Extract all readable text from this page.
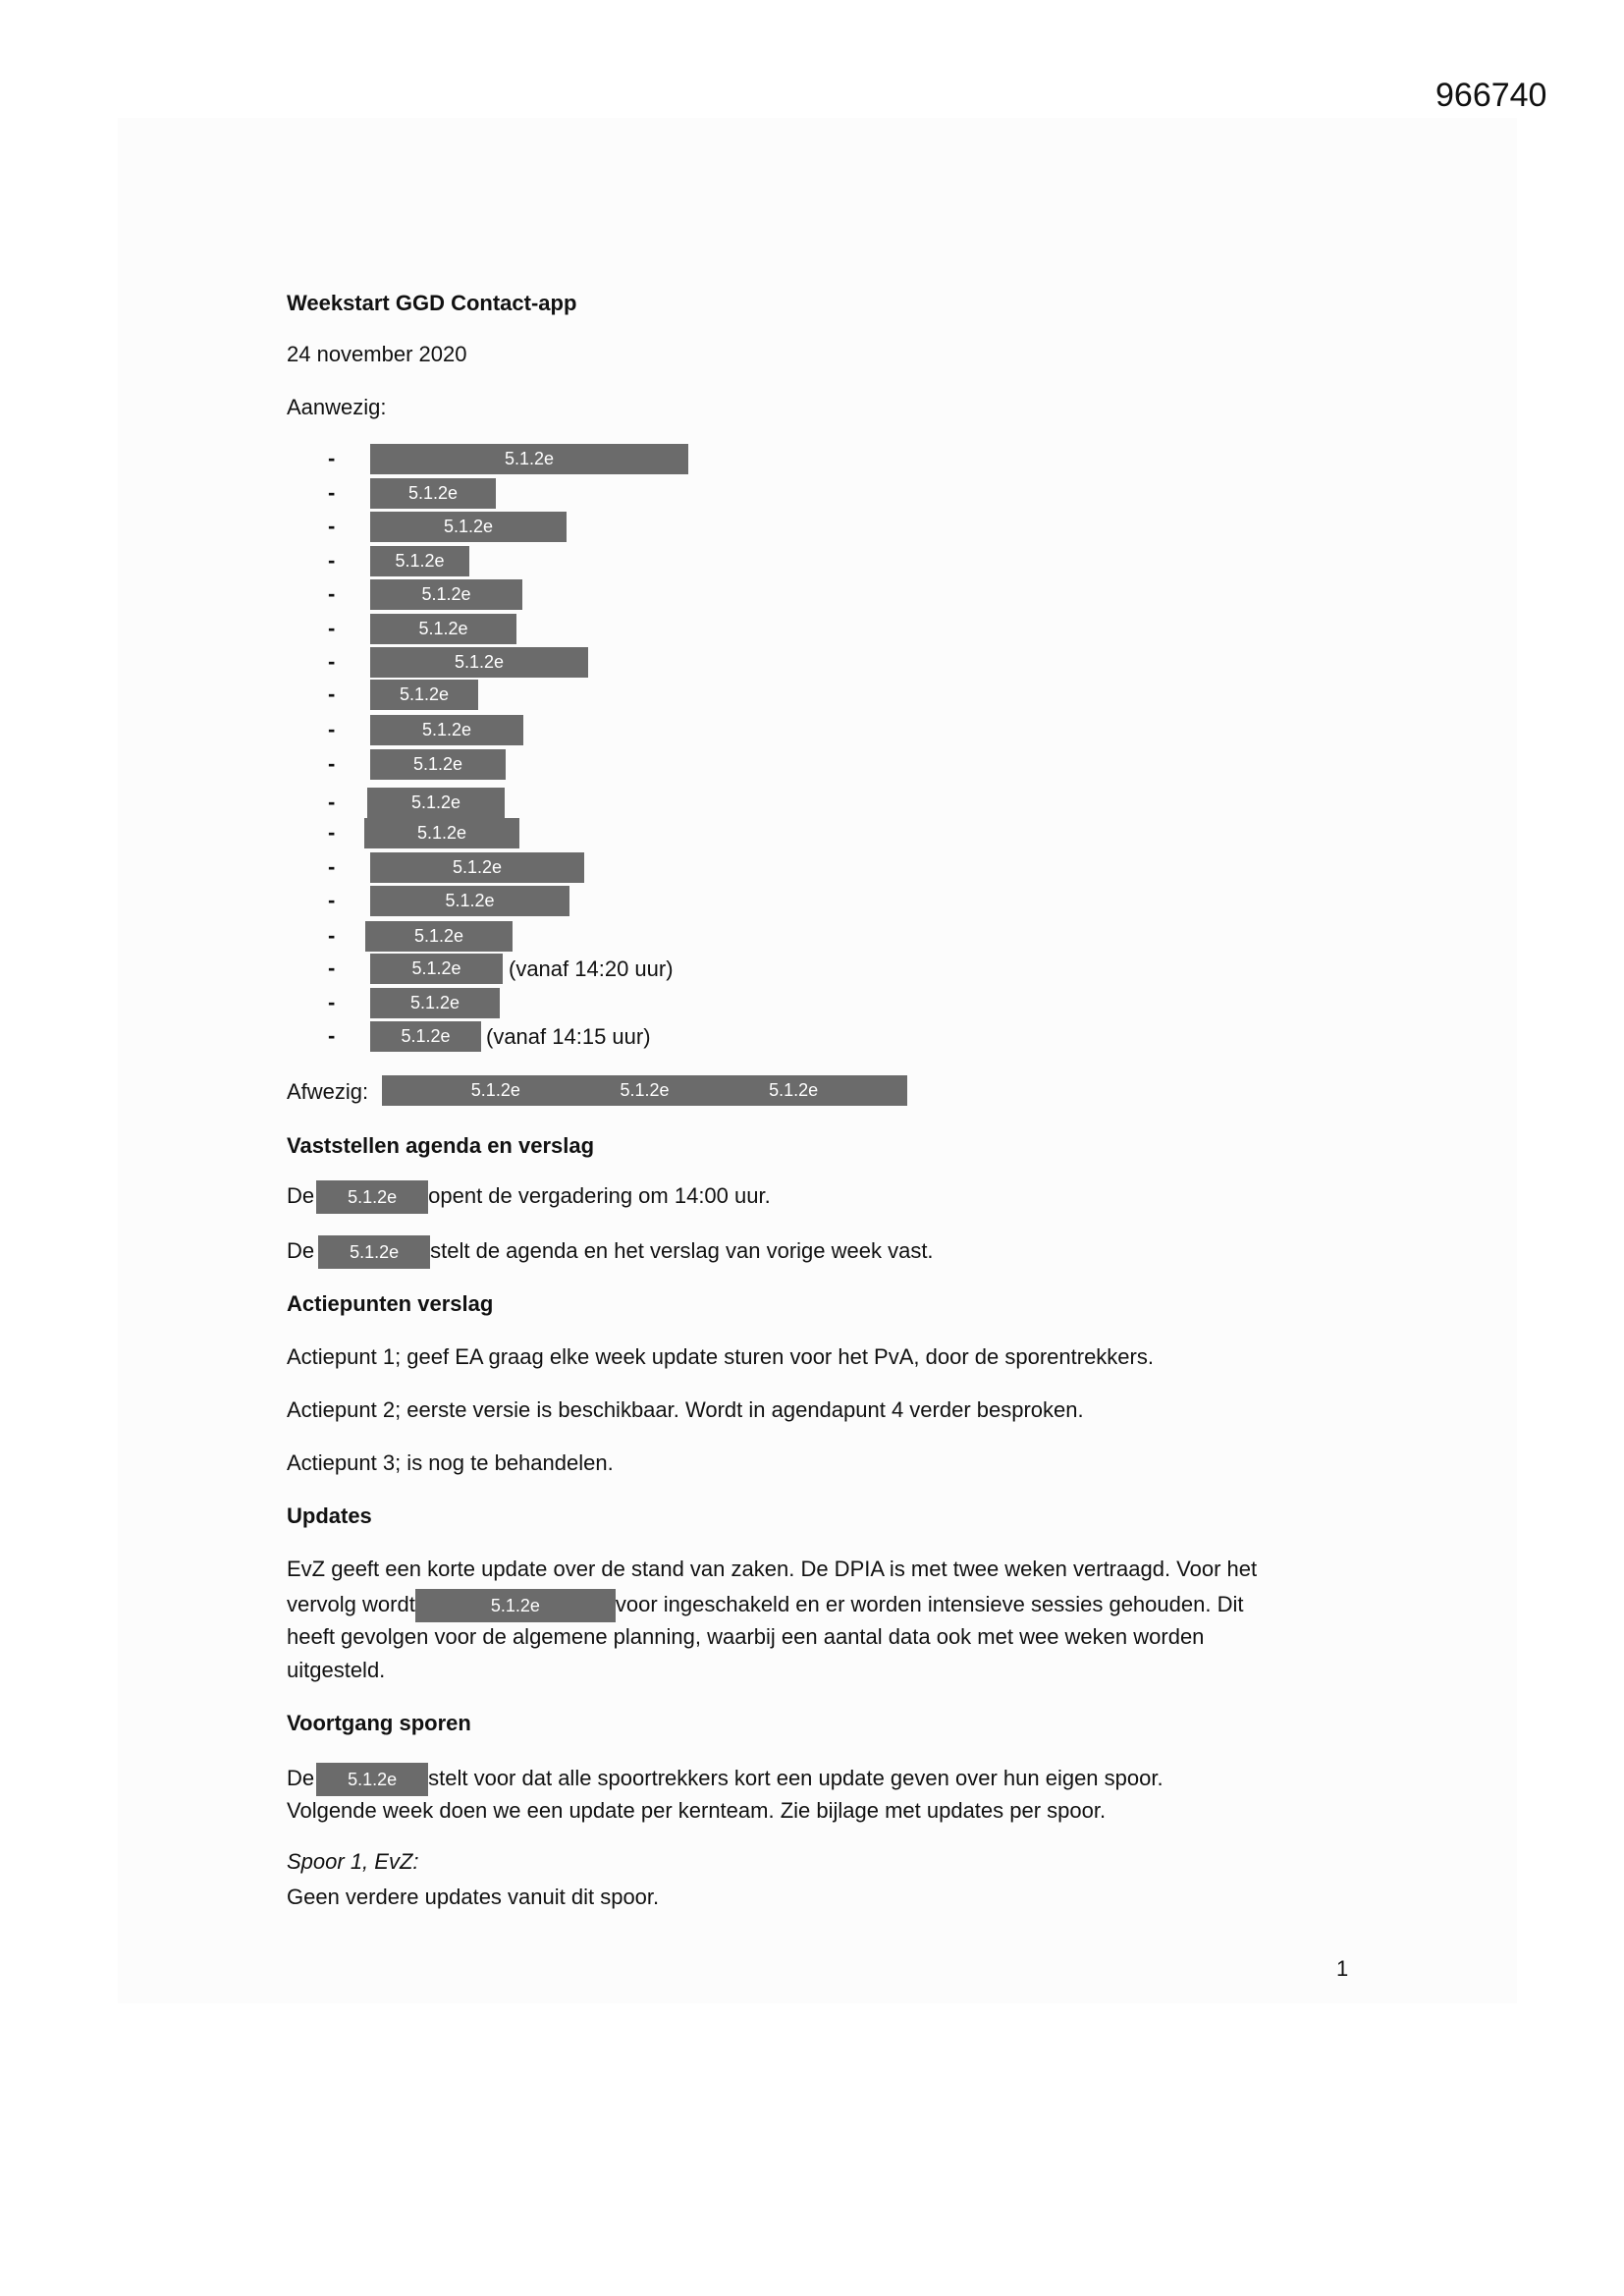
966740
Weekstart GGD Contact-app
24 november 2020
Aanwezig:
-	5.1.2e
-	5.1.2e
-	5.1.2e
-	5.1.2e
-	5.1.2e
-	5.1.2e
-	5.1.2e
-	5.1.2e
-	5.1.2e
-	5.1.2e
-	5.1.2e
-	5.1.2e
-	5.1.2e
-	5.1.2e
-	5.1.2e
-	5.1.2e	(vanaf 14:20 uur)
-	5.1.2e
-	5.1.2e	(vanaf 14:15 uur)
Afwezig:	5.1.2e	5.1.2e	5.1.2e
Vaststellen agenda en verslag
De 5.1.2e opent de vergadering om 14:00 uur.
De 5.1.2e stelt de agenda en het verslag van vorige week vast.
Actiepunten verslag
Actiepunt 1; geef EA graag elke week update sturen voor het PvA, door de sporentrekkers.
Actiepunt 2; eerste versie is beschikbaar. Wordt in agendapunt 4 verder besproken.
Actiepunt 3; is nog te behandelen.
Updates
EvZ geeft een korte update over de stand van zaken. De DPIA is met twee weken vertraagd. Voor het
vervolg wordt	5.1.2e	voor ingeschakeld en er worden intensieve sessies gehouden. Dit
heeft gevolgen voor de algemene planning, waarbij een aantal data ook met wee weken worden
uitgesteld.
Voortgang sporen
De 5.1.2e stelt voor dat alle spoortrekkers kort een update geven over hun eigen spoor.
Volgende week doen we een update per kernteam. Zie bijlage met updates per spoor.
Spoor 1, EvZ:
Geen verdere updates vanuit dit spoor.
1
